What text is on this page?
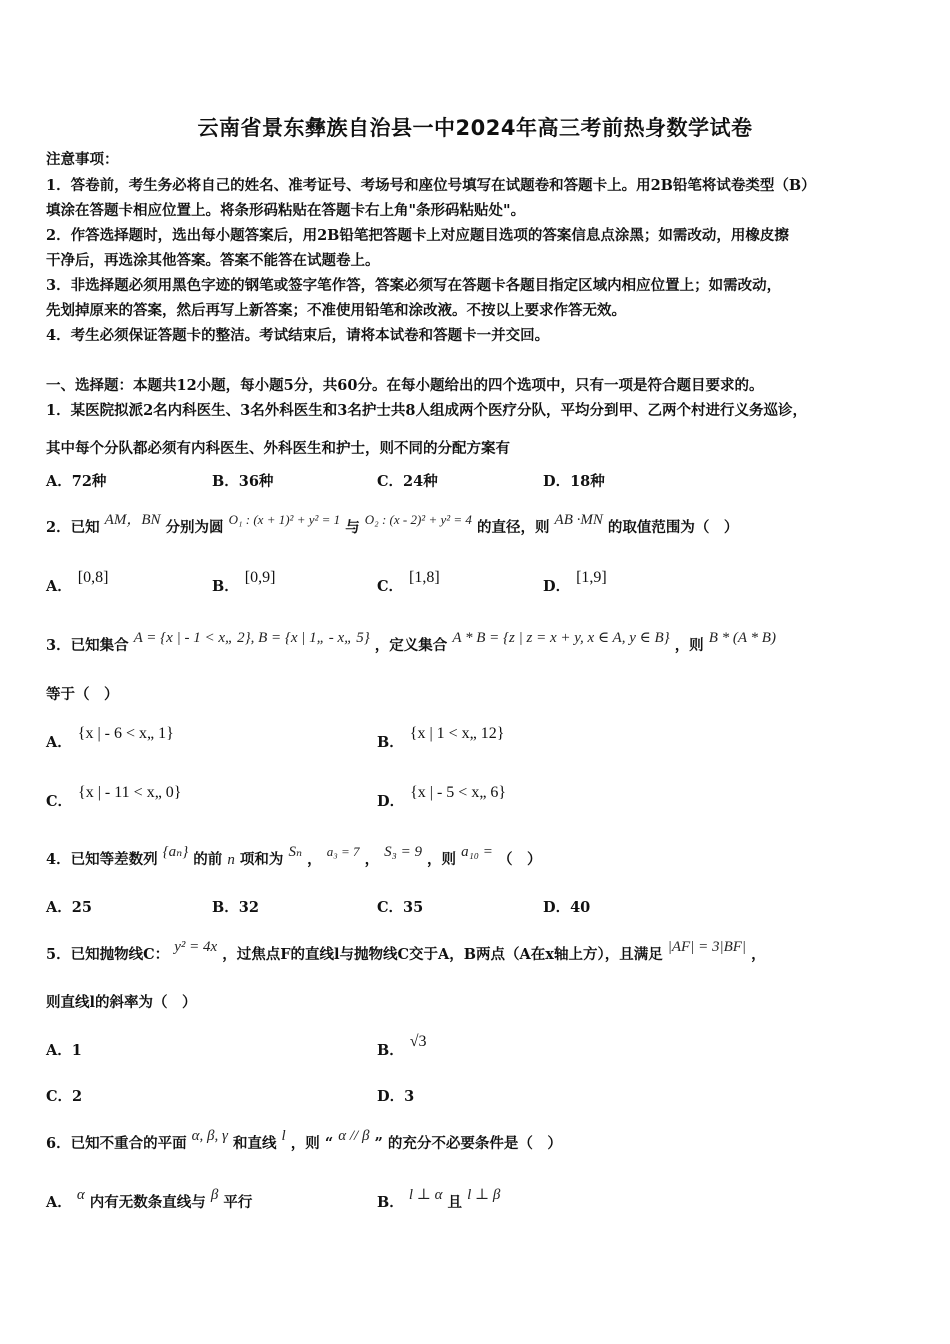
云南省景东彝族自治县一中2024年高三考前热身数学试卷
注意事项：
1．答卷前，考生务必将自己的姓名、准考证号、考场号和座位号填写在试题卷和答题卡上。用2B铅笔将试卷类型（B）
填涂在答题卡相应位置上。将条形码粘贴在答题卡右上角"条形码粘贴处"。
2．作答选择题时，选出每小题答案后，用2B铅笔把答题卡上对应题目选项的答案信息点涂黑；如需改动，用橡皮擦
干净后，再选涂其他答案。答案不能答在试题卷上。
3．非选择题必须用黑色字迹的钢笔或签字笔作答，答案必须写在答题卡各题目指定区域内相应位置上；如需改动，
先划掉原来的答案，然后再写上新答案；不准使用铅笔和涂改液。不按以上要求作答无效。
4．考生必须保证答题卡的整洁。考试结束后，请将本试卷和答题卡一并交回。
一、选择题：本题共12小题，每小题5分，共60分。在每小题给出的四个选项中，只有一项是符合题目要求的。
1．某医院拟派2名内科医生、3名外科医生和3名护士共8人组成两个医疗分队，平均分到甲、乙两个村进行义务巡诊，
其中每个分队都必须有内科医生、外科医生和护士，则不同的分配方案有
A．72种	B．36种	C．24种	D．18种
2．已知 AM，BN 分别为圆 O₁ : (x + 1)² + y² = 1 与 O₂ : (x - 2)² + y² = 4 的直径，则 AB ·MN 的取值范围为（　）
A．[0,8]
B．[0,9]
C．[1,8]
D．[1,9]
3．已知集合 A = {x | - 1 < x„ 2}, B = {x | 1„ - x„ 5} ，定义集合 A * B = {z | z = x + y, x ∈ A, y ∈ B} ，则 B * (A * B)
等于（　）
A．{x | - 6 < x„ 1}
B．{x | 1 < x„ 12}
C．{x | - 11 < x„ 0}
D．{x | - 5 < x„ 6}
4．已知等差数列 {aₙ} 的前 n 项和为 Sₙ ， a₃ = 7 ， S₃ = 9 ，则 a₁₀ = （　）
A．25	B．32	C．35	D．40
5．已知抛物线C： y² = 4x ，过焦点F的直线l与抛物线C交于A，B两点（A在x轴上方），且满足 |AF| = 3|BF| ，
则直线l的斜率为（　）
A．1	B．√3
C．2	D．3
6．已知不重合的平面 α, β, γ 和直线 l ，则 “ α // β ” 的充分不必要条件是（　）
A． α 内有无数条直线与 β 平行	B． l ⊥ α 且 l ⊥ β
